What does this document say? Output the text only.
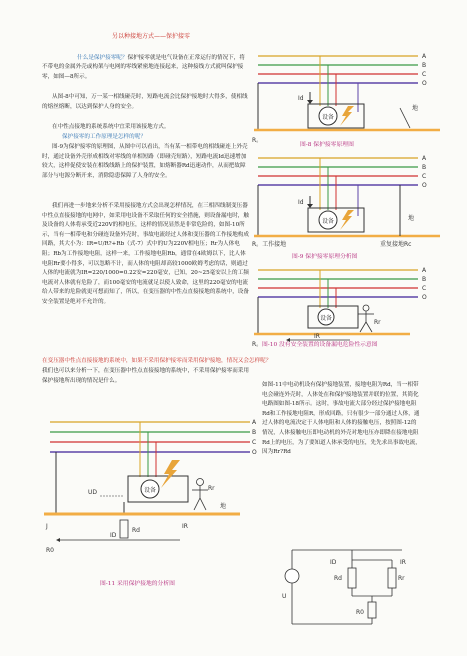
另以种接地方式——保护接零

什么是保护接零呢？保护接零就是电气设备在正常运行的情况下，将不带电的金属外壳或构架与电网的零线紧密地连接起来，这种接线方式就叫保护接零，如图—8所示。

从图-8中可知，万一某一相线碰壳时，短路电流会比保护接地时大得多，使相线的熔丝熔断，以达到保护人身的安全。
在中性点接地的系统系统中宜采用该接地方式。
保护接零的工作原理是怎样的呢？
图-9为保护接零的原理图，从图中可以看出，当有某一相带电的相线碰连上外壳时，通过设备外壳形成相线对零线的单相短路（即碰壳短路），短路电流Id迅速增加较大，这样促使安装在相线线路上的保护装置，如熔断器Rd迅速动作，从而把故障部分与电源分断开来，消除隐患保障了人身的安全。
我们再进一步地来分析不采用接接地方式会出现怎样情况，在三相四线制变压器中性点直接接地的电网中，如采用电设备不采取任何的安全措施，则设备漏电时，触及设备的人体将承受近220V的相电压，这样的情况显然是非常危险的，如图-10所示，当有一相带电和分碰连设备外壳时，事故电流经过人体和变压器的工作接地构成回路，其大小为：IR=U/R?+Rb（式-7）式中的U为220V相电压；Rr为人体电阻；Rb为工作接地电阻，这样一来，工作接地电阻Rb，通常在4欧姆以下，比人体电阻Rr要小得多，可以忽略不计，而人体的电阻却高较1000欧姆考虑的话，则通过人体的电流就为IR=220/1000=0.22安=220毫安，已知，20~25毫安以上的工频电流对人体就有危险了，而100毫安的电流就足以使人致命，这里的220毫安的电流给人带来的危险就更可想而知了，所以，在变压器的中性点直接接地的系统中，设备安全装置是绝对不允许的。
在变压器中性点直接接地的系统中，如果不采用保护接零而采用保护接地，情况又会怎样呢？
我们也可以来分析一下，在变压器中性点直接接地的系统中，不采用保护接零而采用保护接地所出现的情况是什么。
如图-11中电动机设有保护接地装置，接地电阻为Rd，当一相带电会碰连外壳时，人体处在和保护接地装置并联的位置，其简化电路图如图-18所示。这时，事故电流大部分经过保护接地电阻Rd和工作接地电阻R，形成回路，只有很少一部分通过人体，通过人体的电流决定于人体电阻和人体的接触电压，按照图-12的情况，人体接触电压即电动机的外壳对地电压亦即降在接地电阻Rd上的电压，为了要知道人体承受的电压，先先求出事故电流，因为Rr?Rd
A
B
C
O
设备
Id
地
R。
图-8 保护接零原理图
A
B
C
O
设备
Id
地
R。工作接地	重复接地Rc
图-9 保护接零原理分析图
A
B
C
O
设备
Rr
IR
R。 图-10 没有安全装置的设备漏电危险性示意图
A
B
C
O
设备	Rr
Rd
UD
地
ID
IR
J
R0
图-11 采用保护接地的分析图
U
Rd	Rr
R0
ID	IR
